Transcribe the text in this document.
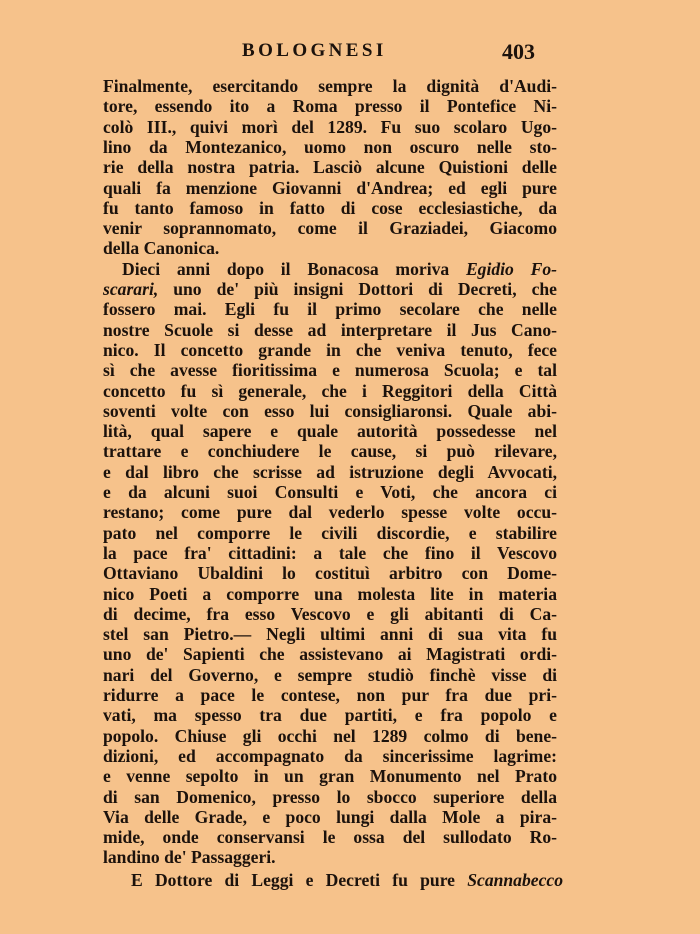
BOLOGNESI	403
Finalmente, esercitando sempre la dignità d'Audi-
tore, essendo ito a Roma presso il Pontefice Ni-
colò III., quivi morì del 1289. Fu suo scolaro Ugo-
lino da Montezanico, uomo non oscuro nelle sto-
rie della nostra patria. Lasciò alcune Quistioni delle
quali fa menzione Giovanni d'Andrea; ed egli pure
fu tanto famoso in fatto di cose ecclesiastiche, da
venir soprannomato, come il Graziadei, Giacomo
della Canonica.
Dieci anni dopo il Bonacosa moriva Egidio Fo-
scarari, uno de' più insigni Dottori di Decreti, che
fossero mai. Egli fu il primo secolare che nelle
nostre Scuole si desse ad interpretare il Jus Cano-
nico. Il concetto grande in che veniva tenuto, fece
sì che avesse fioritissima e numerosa Scuola; e tal
concetto fu sì generale, che i Reggitori della Città
soventi volte con esso lui consigliaronsi. Quale abi-
lità, qual sapere e quale autorità possedesse nel
trattare e conchiudere le cause, si può rilevare,
e dal libro che scrisse ad istruzione degli Avvocati,
e da alcuni suoi Consulti e Voti, che ancora ci
restano; come pure dal vederlo spesse volte occu-
pato nel comporre le civili discordie, e stabilire
la pace fra' cittadini: a tale che fino il Vescovo
Ottaviano Ubaldini lo costituì arbitro con Dome-
nico Poeti a comporre una molesta lite in materia
di decime, fra esso Vescovo e gli abitanti di Ca-
stel san Pietro.— Negli ultimi anni di sua vita fu
uno de' Sapienti che assistevano ai Magistrati ordi-
nari del Governo, e sempre studiò finchè visse di
ridurre a pace le contese, non pur fra due pri-
vati, ma spesso tra due partiti, e fra popolo e
popolo. Chiuse gli occhi nel 1289 colmo di bene-
dizioni, ed accompagnato da sincerissime lagrime:
e venne sepolto in un gran Monumento nel Prato
di san Domenico, presso lo sbocco superiore della
Via delle Grade, e poco lungi dalla Mole a pira-
mide, onde conservansi le ossa del sullodato Ro-
landino de' Passaggeri.
E Dottore di Leggi e Decreti fu pure Scannabecco
